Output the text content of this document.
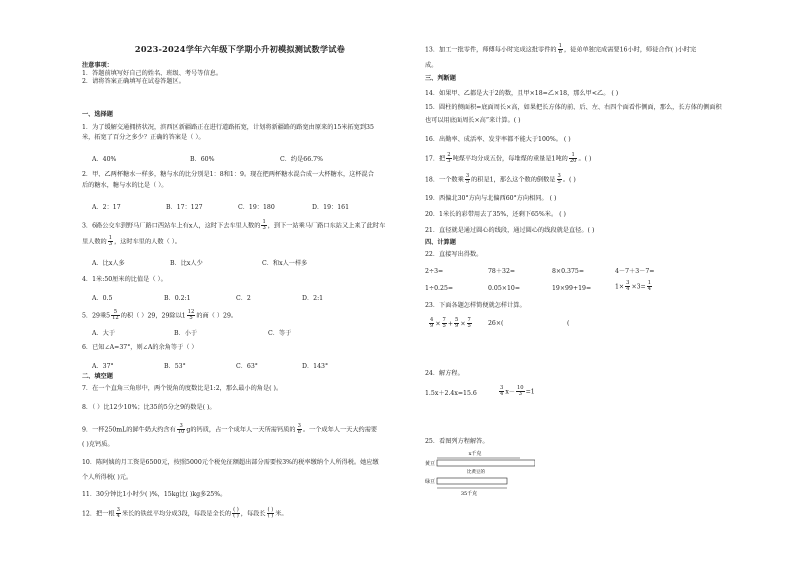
2023-2024学年六年级下学期小升初模拟测试数学试卷
注意事项：
1．答题前填写好自己的姓名、班级、考号等信息。
2．请将答案正确填写在试卷答题区。
一、选择题
1．为了缓解交通拥挤状况，滨西区新疆路正在进行道路拓宽，计划将新疆路的路宽由原来的15米拓宽到35
米，拓宽了百分之多少？正确的答案是（ ）。
A．40%	B．60%	C．约是66.7%
2．甲、乙两杯糖水一样多，糖与水的比分别是1：8和1：9。现在把两杯糖水混合成一大杯糖水，这杯混合
后的糖水，糖与水的比是（ ）。
A．2：17	B．17：127	C．19：180	D．19：161
3．6路公交车到野马厂路口西站车上有x人，这时下去车里人数的 $\frac{1}{3}$ ，到下一站乘马厂路口东站又上来了此时车
里人数的 $\frac{1}{3}$ ，这时车里的人数（ ）。
A．比x人多	B．比x人少	C．和x人一样多
4．1米:50厘米的比值是（ ）。
A．0.5	B．0.2:1	C．2	D．2:1
5．29乘$5 \frac{5}{12}$ 的积（ ）29，29除以$1 \frac{12}{5}$ 的商（ ）29。
A．大于	B．小于	C．等于
6．已知∠A=37°，则∠A的余角等于（ ）
A．37°	B．53°	C．63°	D．143°
二、填空题
7．在一个直角三角形中，两个锐角的度数比是1:2，那么最小的角是( )。
8．（ ）比12少10%；比35的5分之9的数是( )。
9．一杯250mL的鲜牛奶大约含有 $\frac{3}{10}$ g的钙质，占一个成年人一天所需钙质的 $\frac{3}{8}$ 。一个成年人一天大约需要
( )克钙质。
10．陈阿姨的月工资是6500元，按照5000元个税免征额超出部分需要按3%的税率缴纳个人所得税。她应缴
个人所得税( )元。
11．30分钟比1小时少( )%，15kg比( )kg多25%。
12．把一根 $\frac{3}{4}$ 米长的铁丝平均分成3段，每段是全长的 $\frac{( )}{( )}$ ，每段长 $\frac{( )}{( )}$ 米。
13．加工一批零件，师傅每小时完成这批零件的 $\frac{1}{8}$ ，徒弟单独完成需要16小时，师徒合作( )小时完
成。
三、判断题
14．如果甲、乙都是大于2的数，且甲×18=乙×18，那么甲<乙。 ( )
15．圆柱的侧面积=底面周长×高，如果把长方体的前、后、左、右四个面看作侧面，那么，长方体的侧面积
也可以用底面周长×高”来计算。( )
16．出勤率、成活率、发芽率都不能大于100%。 ( )
17．把 $\frac{2}{3}$ 吨煤平均分成五份，每堆煤的重量是1吨的 $\frac{1}{20}$ 。( )
18．一个数乘 $\frac{3}{5}$ 的积是1，那么这个数的倒数是 $\frac{3}{5}$ 。( )
19．西偏北30°方向与北偏西60°方向相同。 ( )
20．1米长的彩带用去了35%，还剩下65%米。 ( )
21．直径就是通过圆心的线段，通过圆心的线段就是直径。( )
四、计算题
22．直接写出得数。
2÷3=	78＋32=	8×0.375=	4－7＋3－7=
1÷0.25=	0.05×10=	19×99+19=	$1\times \frac{3}{4} \times 3= \frac{1}{4}$
23．下面各题怎样简便就怎样计算。
$\frac{4}{9} \times \frac{7}{5} + \frac{5}{9} \times \frac{7}{5}$	26×(	(
24．解方程。
1.5x＋2.4x=15.6	$\frac{3}{4} x- \frac{10}{3} =1$
25．看图列方程解答。
x千克
黄豆
比黄豆的
绿豆
35千克
